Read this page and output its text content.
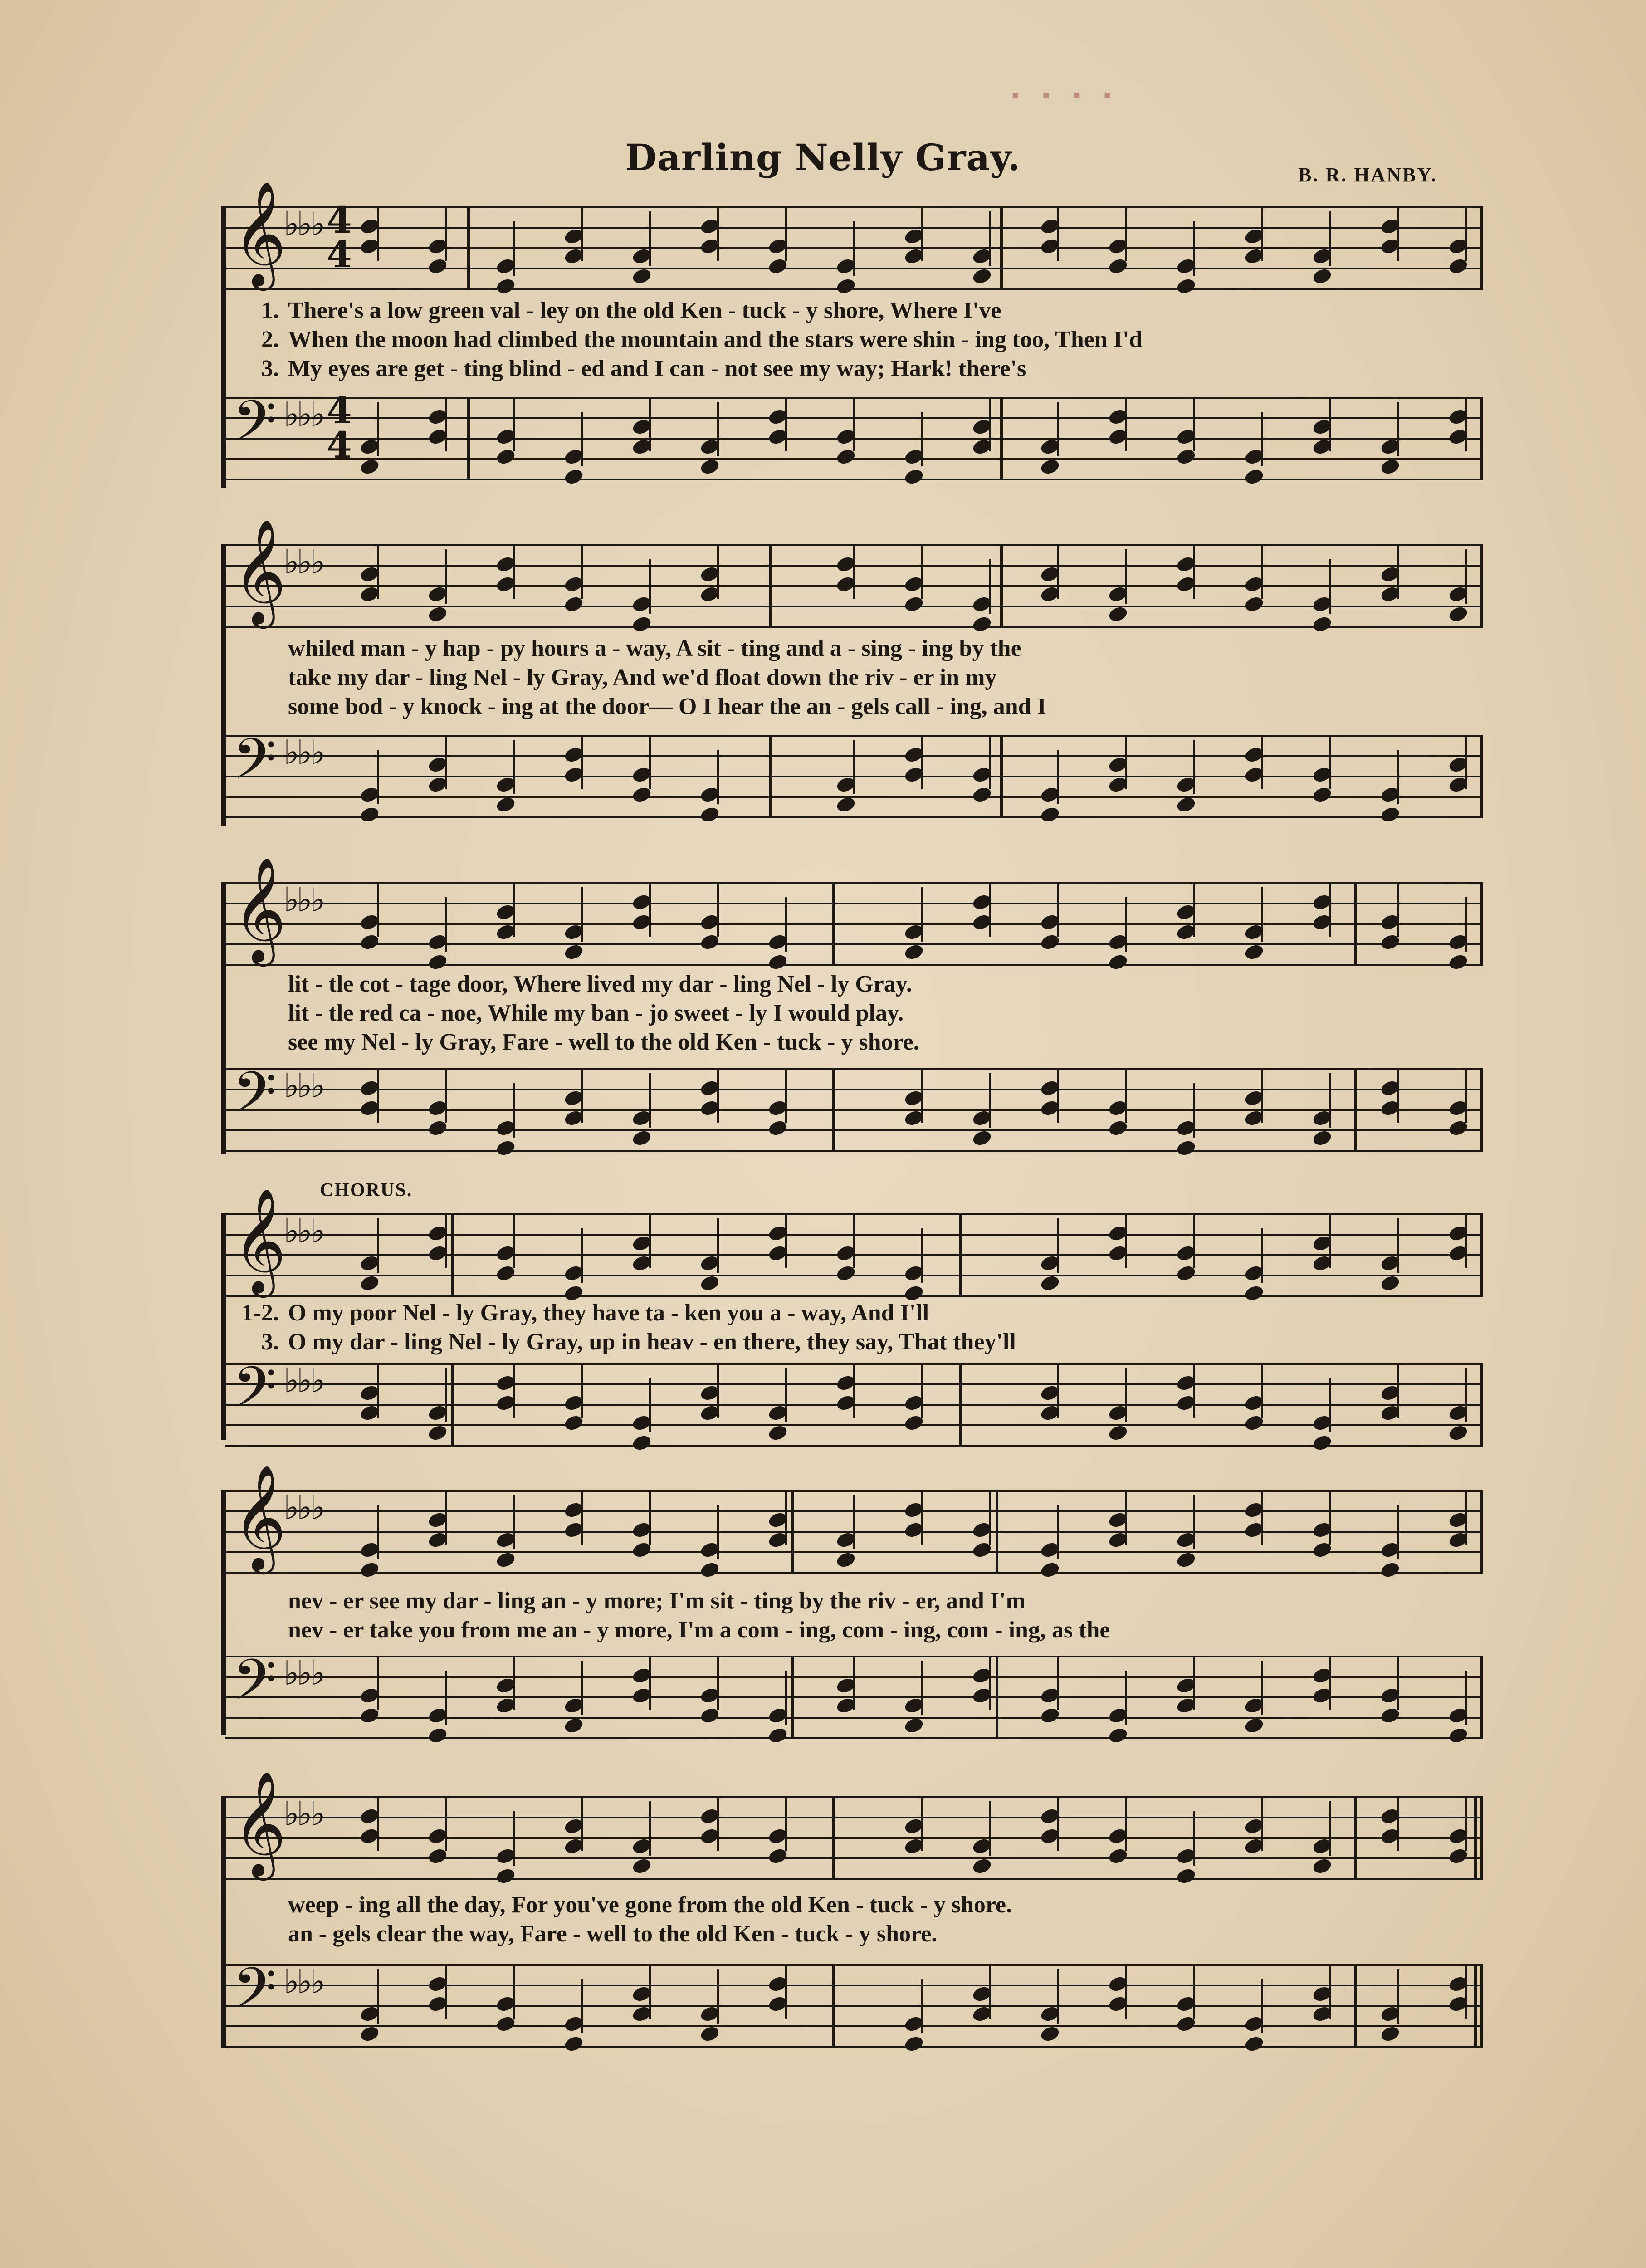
▪ ▪ ▪ ▪
Darling Nelly Gray.	B. R. HANBY.
CHORUS.
𝄞
♭♭♭ 4
4
1. There's a low green val - ley on the old Ken - tuck - y shore, Where I've
2. When the moon had climbed the mountain and the stars were shin - ing too, Then I'd
3. My eyes are get - ting blind - ed and I can - not see my way; Hark! there's
𝄢 ♭♭♭ 4
4
𝄞
♭♭♭
whiled man - y hap - py hours a - way, A sit - ting and a - sing - ing by the
take my dar - ling Nel - ly Gray, And we'd float down the riv - er in my
some bod - y knock - ing at the door— O I hear the an - gels call - ing, and I
𝄢 ♭♭♭
𝄞
♭♭♭
lit - tle cot - tage door, Where lived my dar - ling Nel - ly Gray.
lit - tle red ca - noe, While my ban - jo sweet - ly I would play.
see my Nel - ly Gray, Fare - well to the old Ken - tuck - y shore.
𝄢 ♭♭♭
𝄞
♭♭♭
1-2. O my poor Nel - ly Gray, they have ta - ken you a - way, And I'll
3. O my dar - ling Nel - ly Gray, up in heav - en there, they say, That they'll
𝄢 ♭♭♭
𝄞
♭♭♭
nev - er see my dar - ling an - y more; I'm sit - ting by the riv - er, and I'm
nev - er take you from me an - y more, I'm a com - ing, com - ing, com - ing, as the
𝄢 ♭♭♭
𝄞
♭♭♭
weep - ing all the day, For you've gone from the old Ken - tuck - y shore.
an - gels clear the way, Fare - well to the old Ken - tuck - y shore.
𝄢 ♭♭♭
